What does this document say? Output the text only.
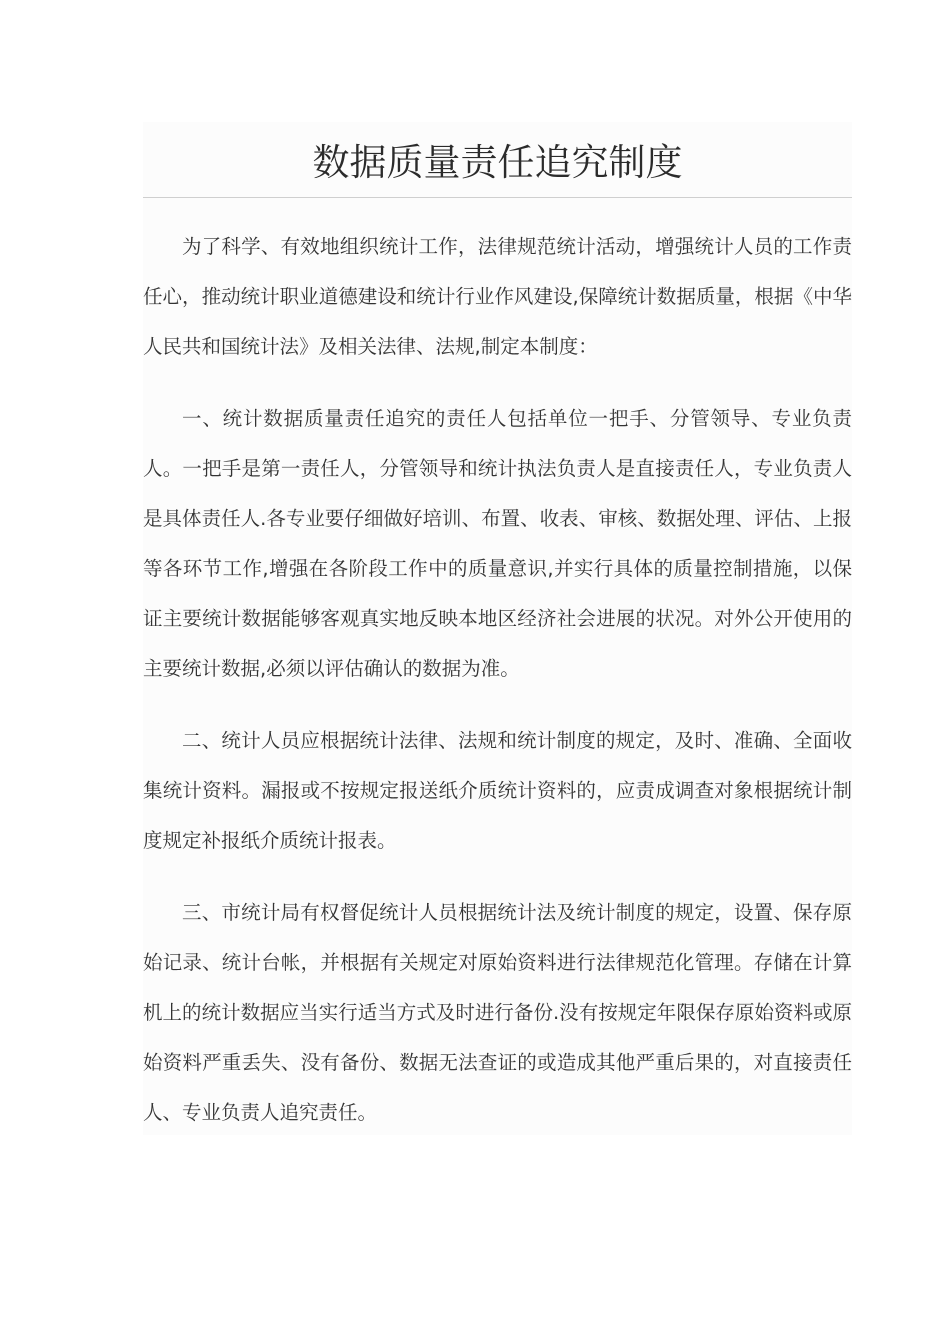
数据质量责任追究制度

为了科学、有效地组织统计工作，法律规范统计活动，增强统计人员的工作责任心，推动统计职业道德建设和统计行业作风建设,保障统计数据质量，根据《中华人民共和国统计法》及相关法律、法规,制定本制度：

一、统计数据质量责任追究的责任人包括单位一把手、分管领导、专业负责人。一把手是第一责任人，分管领导和统计执法负责人是直接责任人，专业负责人是具体责任人.各专业要仔细做好培训、布置、收表、审核、数据处理、评估、上报等各环节工作,增强在各阶段工作中的质量意识,并实行具体的质量控制措施，以保证主要统计数据能够客观真实地反映本地区经济社会进展的状况。对外公开使用的主要统计数据,必须以评估确认的数据为准。

二、统计人员应根据统计法律、法规和统计制度的规定，及时、准确、全面收集统计资料。漏报或不按规定报送纸介质统计资料的，应责成调查对象根据统计制度规定补报纸介质统计报表。

三、市统计局有权督促统计人员根据统计法及统计制度的规定，设置、保存原始记录、统计台帐，并根据有关规定对原始资料进行法律规范化管理。存储在计算机上的统计数据应当实行适当方式及时进行备份.没有按规定年限保存原始资料或原始资料严重丢失、没有备份、数据无法查证的或造成其他严重后果的，对直接责任人、专业负责人追究责任。
